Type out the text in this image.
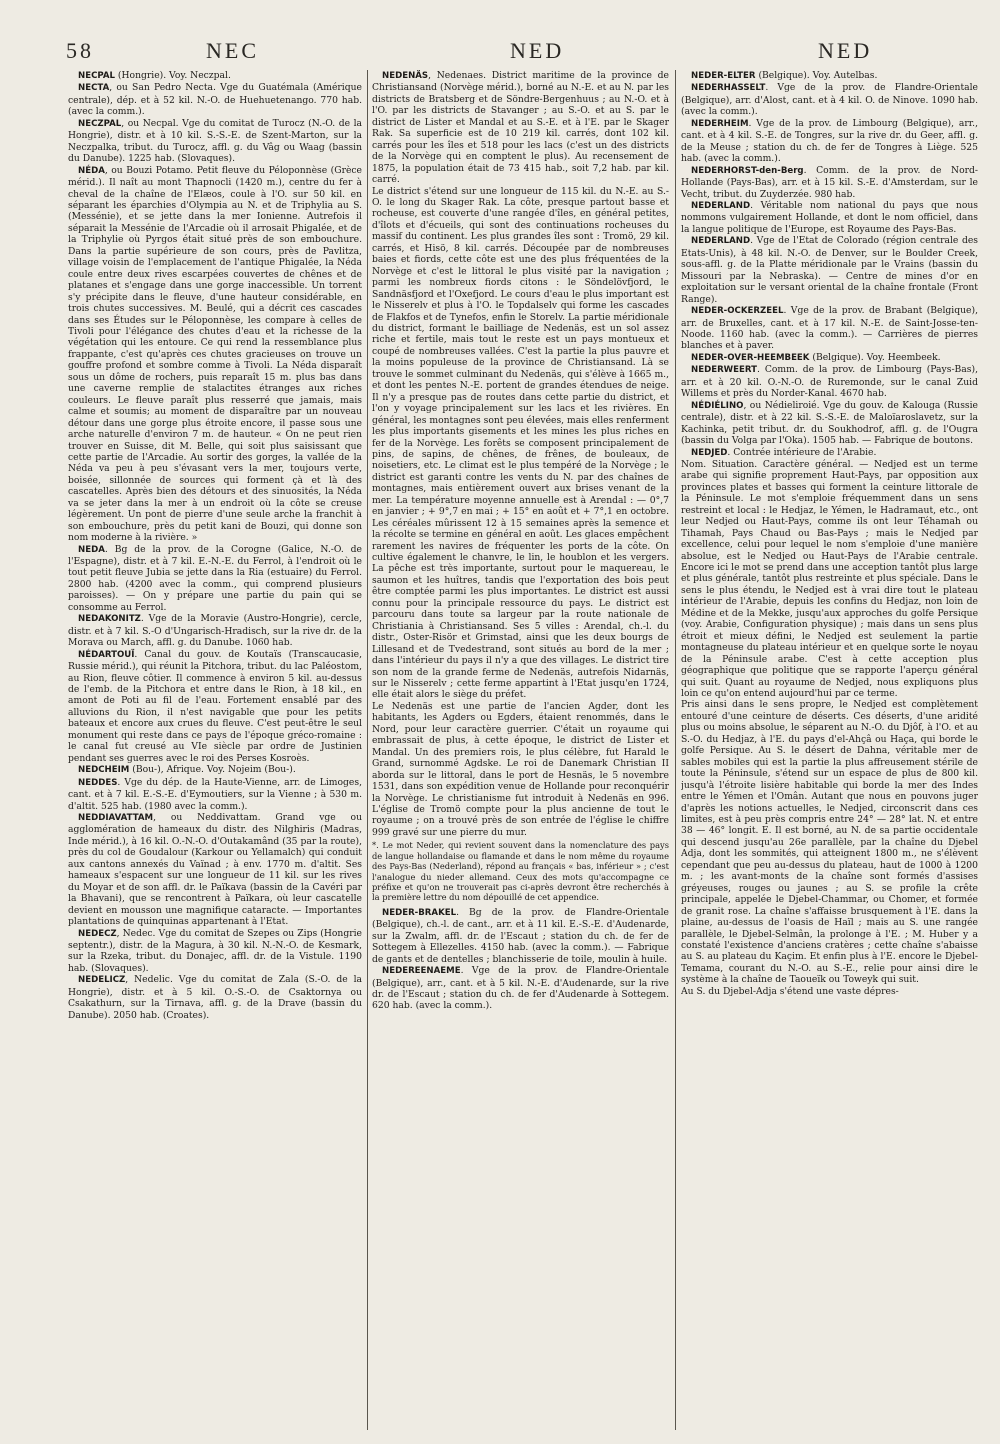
58	NEC	NED	NED

NECPAL (Hongrie). Voy. Neczpal.

NECTA, ou San Pedro Necta. Vge du Guatémala (Amérique centrale), dép. et à 52 kil. N.-O. de Huehuetenango. 770 hab. (avec la comm.).

NECZPAL, ou Necpal. Vge du comitat de Turocz (N.-O. de la Hongrie), distr. et à 10 kil. S.-S.-E. de Szent-Marton, sur la Neczpalka, tribut. du Turocz, affl. g. du Vâg ou Waag (bassin du Danube). 1225 hab. (Slovaques).

NÉDA, ou Bouzi Potamo. Petit fleuve du Péloponnèse (Grèce mérid.). Il naît au mont Thapnocli (1420 m.), centre du fer à cheval de la chaîne de l'Elæos, coule à l'O. sur 50 kil. en séparant les éparchies d'Olympia au N. et de Triphylia au S. (Messénie), et se jette dans la mer Ionienne. Autrefois il séparait la Messénie de l'Arcadie où il arrosait Phigalée, et de la Triphylie où Pyrgos était situé près de son embouchure. Dans la partie supérieure de son cours, près de Pavlitza, village voisin de l'emplacement de l'antique Phigalée, la Néda coule entre deux rives escarpées couvertes de chênes et de platanes et s'engage dans une gorge inaccessible. Un torrent s'y précipite dans le fleuve, d'une hauteur considérable, en trois chutes successives. M. Beulé, qui a décrit ces cascades dans ses Études sur le Péloponnèse, les compare à celles de Tivoli pour l'élégance des chutes d'eau et la richesse de la végétation qui les entoure. Ce qui rend la ressemblance plus frappante, c'est qu'après ces chutes gracieuses on trouve un gouffre profond et sombre comme à Tivoli. La Néda disparaît sous un dôme de rochers, puis reparaît 15 m. plus bas dans une caverne remplie de stalactites étranges aux riches couleurs. Le fleuve paraît plus resserré que jamais, mais calme et soumis; au moment de disparaître par un nouveau détour dans une gorge plus étroite encore, il passe sous une arche naturelle d'environ 7 m. de hauteur. « On ne peut rien trouver en Suisse, dit M. Belle, qui soit plus saisissant que cette partie de l'Arcadie. Au sortir des gorges, la vallée de la Néda va peu à peu s'évasant vers la mer, toujours verte, boisée, sillonnée de sources qui forment çà et là des cascatelles. Après bien des détours et des sinuosités, la Néda va se jeter dans la mer à un endroit où la côte se creuse légèrement. Un pont de pierre d'une seule arche la franchit à son embouchure, près du petit kani de Bouzi, qui donne son nom moderne à la rivière. »

NEDA. Bg de la prov. de la Corogne (Galice, N.-O. de l'Espagne), distr. et à 7 kil. E.-N.-E. du Ferrol, à l'endroit où le tout petit fleuve Jubia se jette dans la Ria (estuaire) du Ferrol. 2800 hab. (4200 avec la comm., qui comprend plusieurs paroisses). — On y prépare une partie du pain qui se consomme au Ferrol.

NEDAKONITZ. Vge de la Moravie (Austro-Hongrie), cercle, distr. et à 7 kil. S.-O d'Ungarisch-Hradisch, sur la rive dr. de la Morava ou March, affl. g. du Danube. 1060 hab.

NÉDARTOUÏ. Canal du gouv. de Koutaïs (Transcaucasie, Russie mérid.), qui réunit la Pitchora, tribut. du lac Paléostom, au Rion, fleuve côtier. Il commence à environ 5 kil. au-dessus de l'emb. de la Pitchora et entre dans le Rion, à 18 kil., en amont de Poti au fil de l'eau. Fortement ensablé par des alluvions du Rion, il n'est navigable que pour les petits bateaux et encore aux crues du fleuve. C'est peut-être le seul monument qui reste dans ce pays de l'époque gréco-romaine : le canal fut creusé au VIe siècle par ordre de Justinien pendant ses guerres avec le roi des Perses Kosroès.

NEDCHEIM (Bou-), Afrique. Voy. Nojeim (Bou-).

NEDDES. Vge du dép. de la Haute-Vienne, arr. de Limoges, cant. et à 7 kil. E.-S.-E. d'Eymoutiers, sur la Vienne ; à 530 m. d'altit. 525 hab. (1980 avec la comm.).

NEDDIAVATTAM, ou Neddivattam. Grand vge ou agglomération de hameaux du distr. des Nilghiris (Madras, Inde mérid.), à 16 kil. O.-N.-O. d'Outakamând (35 par la route), près du col de Goudalour (Karkour ou Yellamalch) qui conduit aux cantons annexés du Vaïnad ; à env. 1770 m. d'altit. Ses hameaux s'espacent sur une longueur de 11 kil. sur les rives du Moyar et de son affl. dr. le Païkava (bassin de la Cavéri par la Bhavani), que se rencontrent à Païkara, où leur cascatelle devient en mousson une magnifique cataracte. — Importantes plantations de quinquinas appartenant à l'Etat.

NEDECZ, Nedec. Vge du comitat de Szepes ou Zips (Hongrie septentr.), distr. de la Magura, à 30 kil. N.-N.-O. de Kesmark, sur la Rzeka, tribut. du Donajec, affl. dr. de la Vistule. 1190 hab. (Slovaques).

NEDELICZ, Nedelic. Vge du comitat de Zala (S.-O. de la Hongrie), distr. et à 5 kil. O.-S.-O. de Csaktornya ou Csakathurn, sur la Tirnava, affl. g. de la Drave (bassin du Danube). 2050 hab. (Croates).

NEDENÄS, Nedenaes. District maritime de la province de Christiansand (Norvège mérid.), borné au N.-E. et au N. par les districts de Bratsberg et de Söndre-Bergenhuus ; au N.-O. et à l'O. par les districts de Stavanger ; au S.-O. et au S. par le district de Lister et Mandal et au S.-E. et à l'E. par le Skager Rak. Sa superficie est de 10 219 kil. carrés, dont 102 kil. carrés pour les îles et 518 pour les lacs (c'est un des districts de la Norvège qui en comptent le plus). Au recensement de 1875, la population était de 73 415 hab., soit 7,2 hab. par kil. carré.

Le district s'étend sur une longueur de 115 kil. du N.-E. au S.-O. le long du Skager Rak. La côte, presque partout basse et rocheuse, est couverte d'une rangée d'îles, en général petites, d'îlots et d'écueils, qui sont des continuations rocheuses du massif du continent. Les plus grandes îles sont : Tromö, 29 kil. carrés, et Hisö, 8 kil. carrés. Découpée par de nombreuses baies et fiords, cette côte est une des plus fréquentées de la Norvège et c'est le littoral le plus visité par la navigation ; parmi les nombreux fiords citons : le Söndelövfjord, le Sandnäsfjord et l'Oxefjord. Le cours d'eau le plus important est le Nisserelv et plus à l'O. le Topdalselv qui forme les cascades de Flakfos et de Tynefos, enfin le Storelv. La partie méridionale du district, formant le bailliage de Nedenäs, est un sol assez riche et fertile, mais tout le reste est un pays montueux et coupé de nombreuses vallées. C'est la partie la plus pauvre et la moins populeuse de la province de Christiansand. Là se trouve le sommet culminant du Nedenäs, qui s'élève à 1665 m., et dont les pentes N.-E. portent de grandes étendues de neige. Il n'y a presque pas de routes dans cette partie du district, et l'on y voyage principalement sur les lacs et les rivières. En général, les montagnes sont peu élevées, mais elles renferment les plus importants gisements et les mines les plus riches en fer de la Norvège. Les forêts se composent principalement de pins, de sapins, de chênes, de frênes, de bouleaux, de noisetiers, etc. Le climat est le plus tempéré de la Norvège ; le district est garanti contre les vents du N. par des chaînes de montagnes, mais entièrement ouvert aux brises venant de la mer. La température moyenne annuelle est à Arendal : — 0°,7 en janvier ; + 9°,7 en mai ; + 15° en août et + 7°,1 en octobre. Les céréales mûrissent 12 à 15 semaines après la semence et la récolte se termine en général en août. Les glaces empêchent rarement les navires de fréquenter les ports de la côte. On cultive également le chanvre, le lin, le houblon et les vergers. La pêche est très importante, surtout pour le maquereau, le saumon et les huîtres, tandis que l'exportation des bois peut être comptée parmi les plus importantes. Le district est aussi connu pour la principale ressource du pays. Le district est parcouru dans toute sa largeur par la route nationale de Christiania à Christiansand. Ses 5 villes : Arendal, ch.-l. du distr., Oster-Risör et Grimstad, ainsi que les deux bourgs de Lillesand et de Tvedestrand, sont situés au bord de la mer ; dans l'intérieur du pays il n'y a que des villages. Le district tire son nom de la grande ferme de Nedenäs, autrefois Nidarnäs, sur le Nisserelv ; cette ferme appartint à l'Etat jusqu'en 1724, elle était alors le siège du préfet.

Le Nedenäs est une partie de l'ancien Agder, dont les habitants, les Agders ou Egders, étaient renommés, dans le Nord, pour leur caractère guerrier. C'était un royaume qui embrassait de plus, à cette époque, le district de Lister et Mandal. Un des premiers rois, le plus célèbre, fut Harald le Grand, surnommé Agdske. Le roi de Danemark Christian II aborda sur le littoral, dans le port de Hesnäs, le 5 novembre 1531, dans son expédition venue de Hollande pour reconquérir la Norvège. Le christianisme fut introduit à Nedenäs en 996. L'église de Tromö compte pour la plus ancienne de tout le royaume ; on a trouvé près de son entrée de l'église le chiffre 999 gravé sur une pierre du mur.

*. Le mot Neder, qui revient souvent dans la nomenclature des pays de langue hollandaise ou flamande et dans le nom même du royaume des Pays-Bas (Nederland), répond au français « bas, inférieur » ; c'est l'analogue du nieder allemand. Ceux des mots qu'accompagne ce préfixe et qu'on ne trouverait pas ci-après devront être recherchés à la première lettre du nom dépouillé de cet appendice.

NEDER-BRAKEL. Bg de la prov. de Flandre-Orientale (Belgique), ch.-l. de cant., arr. et à 11 kil. E.-S.-E. d'Audenarde, sur la Zwalm, affl. dr. de l'Escaut ; station du ch. de fer de Sottegem à Ellezelles. 4150 hab. (avec la comm.). — Fabrique de gants et de dentelles ; blanchisserie de toile, moulin à huile.

NEDEREENAEME. Vge de la prov. de Flandre-Orientale (Belgique), arr., cant. et à 5 kil. N.-E. d'Audenarde, sur la rive dr. de l'Escaut ; station du ch. de fer d'Audenarde à Sottegem. 620 hab. (avec la comm.).

NEDER-ELTER (Belgique). Voy. Autelbas.

NEDERHASSELT. Vge de la prov. de Flandre-Orientale (Belgique), arr. d'Alost, cant. et à 4 kil. O. de Ninove. 1090 hab. (avec la comm.).

NEDERHEIM. Vge de la prov. de Limbourg (Belgique), arr., cant. et à 4 kil. S.-E. de Tongres, sur la rive dr. du Geer, affl. g. de la Meuse ; station du ch. de fer de Tongres à Liège. 525 hab. (avec la comm.).

NEDERHORST-den-Berg. Comm. de la prov. de Nord-Hollande (Pays-Bas), arr. et à 15 kil. S.-E. d'Amsterdam, sur le Vecht, tribut. du Zuyderzée. 980 hab.

NEDERLAND. Véritable nom national du pays que nous nommons vulgairement Hollande, et dont le nom officiel, dans la langue politique de l'Europe, est Royaume des Pays-Bas.

NEDERLAND. Vge de l'Etat de Colorado (région centrale des Etats-Unis), à 48 kil. N.-O. de Denver, sur le Boulder Creek, sous-affl. g. de la Platte méridionale par le Vrains (bassin du Missouri par la Nebraska). — Centre de mines d'or en exploitation sur le versant oriental de la chaîne frontale (Front Range).

NEDER-OCKERZEEL. Vge de la prov. de Brabant (Belgique), arr. de Bruxelles, cant. et à 17 kil. N.-E. de Saint-Josse-ten-Noode. 1160 hab. (avec la comm.). — Carrières de pierres blanches et à paver.

NEDER-OVER-HEEMBEEK (Belgique). Voy. Heembeek.

NEDERWEERT. Comm. de la prov. de Limbourg (Pays-Bas), arr. et à 20 kil. O.-N.-O. de Ruremonde, sur le canal Zuid Willems et près du Norder-Kanal. 4670 hab.

NÉDIÉLINO, ou Nédieliroié. Vge du gouv. de Kalouga (Russie centrale), distr. et à 22 kil. S.-S.-E. de Maloïaroslavetz, sur la Kachinka, petit tribut. dr. du Soukhodrof, affl. g. de l'Ougra (bassin du Volga par l'Oka). 1505 hab. — Fabrique de boutons.

NEDJED. Contrée intérieure de l'Arabie.

Nom. Situation. Caractère général. — Nedjed est un terme arabe qui signifie proprement Haut-Pays, par opposition aux provinces plates et basses qui forment la ceinture littorale de la Péninsule. Le mot s'emploie fréquemment dans un sens restreint et local : le Hedjaz, le Yémen, le Hadramaut, etc., ont leur Nedjed ou Haut-Pays, comme ils ont leur Téhamah ou Tihamah, Pays Chaud ou Bas-Pays ; mais le Nedjed par excellence, celui pour lequel le nom s'emploie d'une manière absolue, est le Nedjed ou Haut-Pays de l'Arabie centrale. Encore ici le mot se prend dans une acception tantôt plus large et plus générale, tantôt plus restreinte et plus spéciale. Dans le sens le plus étendu, le Nedjed est à vrai dire tout le plateau intérieur de l'Arabie, depuis les confins du Hedjaz, non loin de Médine et de la Mekke, jusqu'aux approches du golfe Persique (voy. Arabie, Configuration physique) ; mais dans un sens plus étroit et mieux défini, le Nedjed est seulement la partie montagneuse du plateau intérieur et en quelque sorte le noyau de la Péninsule arabe. C'est à cette acception plus géographique que politique que se rapporte l'aperçu général qui suit. Quant au royaume de Nedjed, nous expliquons plus loin ce qu'on entend aujourd'hui par ce terme.

Pris ainsi dans le sens propre, le Nedjed est complètement entouré d'une ceinture de déserts. Ces déserts, d'une aridité plus ou moins absolue, le séparent au N.-O. du Djôf, à l'O. et au S.-O. du Hedjaz, à l'E. du pays d'el-Ahçâ ou Haça, qui borde le golfe Persique. Au S. le désert de Dahna, véritable mer de sables mobiles qui est la partie la plus affreusement stérile de toute la Péninsule, s'étend sur un espace de plus de 800 kil. jusqu'à l'étroite lisière habitable qui borde la mer des Indes entre le Yémen et l'Omân. Autant que nous en pouvons juger d'après les notions actuelles, le Nedjed, circonscrit dans ces limites, est à peu près compris entre 24° — 28° lat. N. et entre 38 — 46° longit. E. Il est borné, au N. de sa partie occidentale qui descend jusqu'au 26e parallèle, par la chaîne du Djebel Adja, dont les sommités, qui atteignent 1800 m., ne s'élèvent cependant que peu au-dessus du plateau, haut de 1000 à 1200 m. ; les avant-monts de la chaîne sont formés d'assises gréyeuses, rouges ou jaunes ; au S. se profile la crête principale, appelée le Djebel-Chammar, ou Chomer, et formée de granit rose. La chaîne s'affaisse brusquement à l'E. dans la plaine, au-dessus de l'oasis de Haïl ; mais au S. une rangée parallèle, le Djebel-Selmân, la prolonge à l'E. ; M. Huber y a constaté l'existence d'anciens cratères ; cette chaîne s'abaisse au S. au plateau du Kaçim. Et enfin plus à l'E. encore le Djebel-Temama, courant du N.-O. au S.-E., relie pour ainsi dire le système à la chaîne de Taoueïk ou Toweyk qui suit.

Au S. du Djebel-Adja s'étend une vaste dépres-
